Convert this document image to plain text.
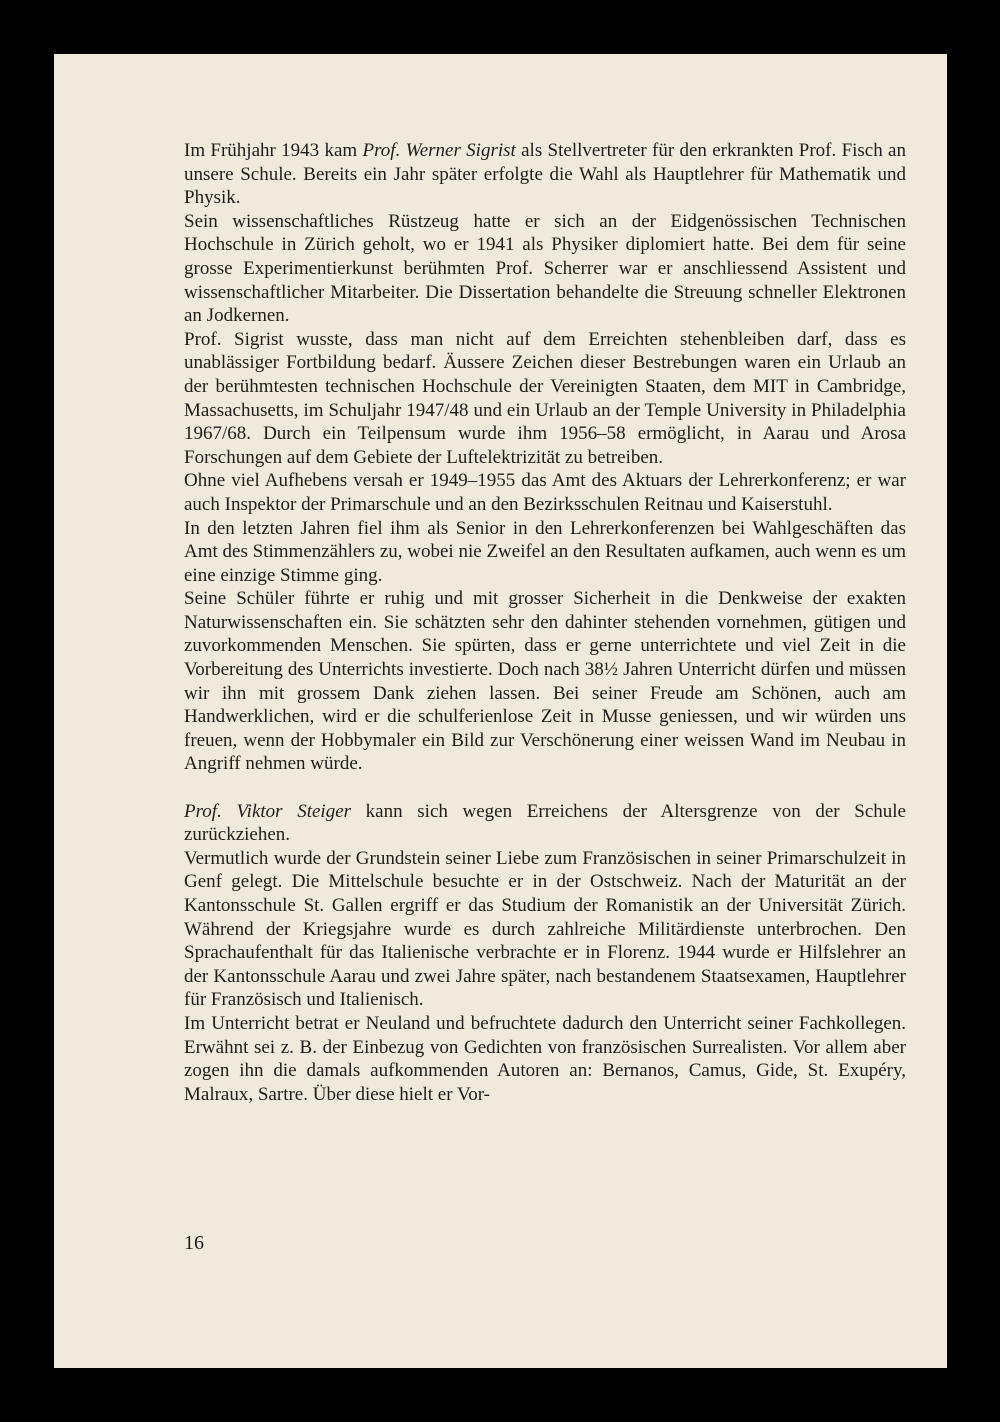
Im Frühjahr 1943 kam Prof. Werner Sigrist als Stellvertreter für den erkrankten Prof. Fisch an unsere Schule. Bereits ein Jahr später erfolgte die Wahl als Hauptlehrer für Mathematik und Physik.

Sein wissenschaftliches Rüstzeug hatte er sich an der Eidgenössischen Technischen Hochschule in Zürich geholt, wo er 1941 als Physiker diplomiert hatte. Bei dem für seine grosse Experimentierkunst berühmten Prof. Scherrer war er anschliessend Assistent und wissenschaftlicher Mitarbeiter. Die Dissertation behandelte die Streuung schneller Elektronen an Jodkernen.

Prof. Sigrist wusste, dass man nicht auf dem Erreichten stehenbleiben darf, dass es unablässiger Fortbildung bedarf. Äussere Zeichen dieser Bestrebungen waren ein Urlaub an der berühmtesten technischen Hochschule der Vereinigten Staaten, dem MIT in Cambridge, Massachusetts, im Schuljahr 1947/48 und ein Urlaub an der Temple University in Philadelphia 1967/68. Durch ein Teilpensum wurde ihm 1956–58 ermöglicht, in Aarau und Arosa Forschungen auf dem Gebiete der Luftelektrizität zu betreiben.

Ohne viel Aufhebens versah er 1949–1955 das Amt des Aktuars der Lehrerkonferenz; er war auch Inspektor der Primarschule und an den Bezirksschulen Reitnau und Kaiserstuhl.

In den letzten Jahren fiel ihm als Senior in den Lehrerkonferenzen bei Wahlgeschäften das Amt des Stimmenzählers zu, wobei nie Zweifel an den Resultaten aufkamen, auch wenn es um eine einzige Stimme ging.

Seine Schüler führte er ruhig und mit grosser Sicherheit in die Denkweise der exakten Naturwissenschaften ein. Sie schätzten sehr den dahinter stehenden vornehmen, gütigen und zuvorkommenden Menschen. Sie spürten, dass er gerne unterrichtete und viel Zeit in die Vorbereitung des Unterrichts investierte. Doch nach 38½ Jahren Unterricht dürfen und müssen wir ihn mit grossem Dank ziehen lassen. Bei seiner Freude am Schönen, auch am Handwerklichen, wird er die schulferienlose Zeit in Musse geniessen, und wir würden uns freuen, wenn der Hobbymaler ein Bild zur Verschönerung einer weissen Wand im Neubau in Angriff nehmen würde.

Prof. Viktor Steiger kann sich wegen Erreichens der Altersgrenze von der Schule zurückziehen.

Vermutlich wurde der Grundstein seiner Liebe zum Französischen in seiner Primarschulzeit in Genf gelegt. Die Mittelschule besuchte er in der Ostschweiz. Nach der Maturität an der Kantonsschule St. Gallen ergriff er das Studium der Romanistik an der Universität Zürich. Während der Kriegsjahre wurde es durch zahlreiche Militärdienste unterbrochen. Den Sprachaufenthalt für das Italienische verbrachte er in Florenz. 1944 wurde er Hilfslehrer an der Kantonsschule Aarau und zwei Jahre später, nach bestandenem Staatsexamen, Hauptlehrer für Französisch und Italienisch.

Im Unterricht betrat er Neuland und befruchtete dadurch den Unterricht seiner Fachkollegen. Erwähnt sei z. B. der Einbezug von Gedichten von französischen Surrealisten. Vor allem aber zogen ihn die damals aufkommenden Autoren an: Bernanos, Camus, Gide, St. Exupéry, Malraux, Sartre. Über diese hielt er Vor-

16
